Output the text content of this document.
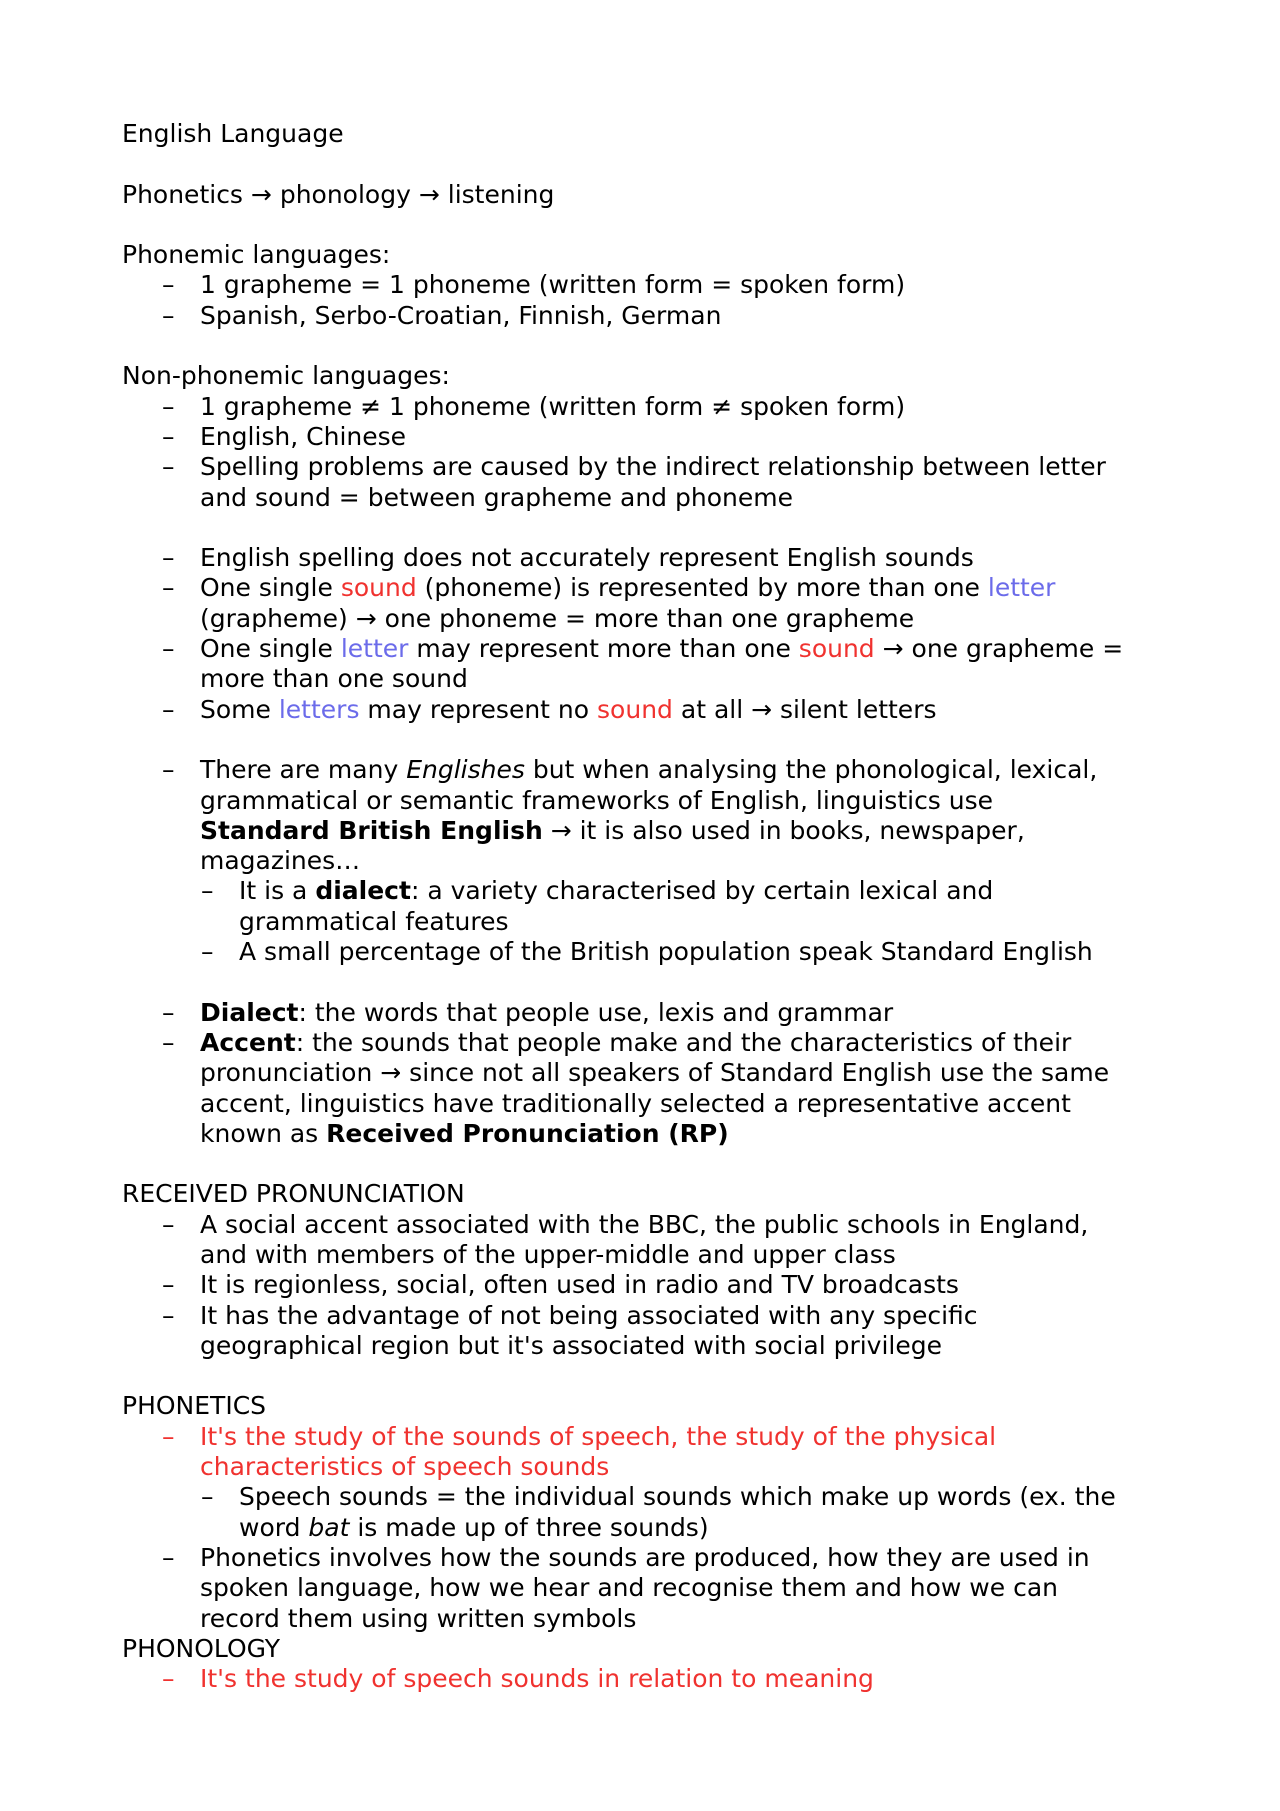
English Language
Phonetics → phonology → listening
Phonemic languages:
– 1 grapheme = 1 phoneme (written form = spoken form)
– Spanish, Serbo-Croatian, Finnish, German
Non-phonemic languages:
– 1 grapheme ≠ 1 phoneme (written form ≠ spoken form)
– English, Chinese
– Spelling problems are caused by the indirect relationship between letter
and sound = between grapheme and phoneme
– English spelling does not accurately represent English sounds
– One single sound (phoneme) is represented by more than one letter
(grapheme) → one phoneme = more than one grapheme
– One single letter may represent more than one sound → one grapheme =
more than one sound
– Some letters may represent no sound at all → silent letters
– There are many Englishes but when analysing the phonological, lexical,
grammatical or semantic frameworks of English, linguistics use
Standard British English → it is also used in books, newspaper,
magazines…
– It is a dialect: a variety characterised by certain lexical and
grammatical features
– A small percentage of the British population speak Standard English
– Dialect: the words that people use, lexis and grammar
– Accent: the sounds that people make and the characteristics of their
pronunciation → since not all speakers of Standard English use the same
accent, linguistics have traditionally selected a representative accent
known as Received Pronunciation (RP)
RECEIVED PRONUNCIATION
– A social accent associated with the BBC, the public schools in England,
and with members of the upper-middle and upper class
– It is regionless, social, often used in radio and TV broadcasts
– It has the advantage of not being associated with any specific
geographical region but it's associated with social privilege
PHONETICS
– It's the study of the sounds of speech, the study of the physical
characteristics of speech sounds
– Speech sounds = the individual sounds which make up words (ex. the
word bat is made up of three sounds)
– Phonetics involves how the sounds are produced, how they are used in
spoken language, how we hear and recognise them and how we can
record them using written symbols
PHONOLOGY
– It's the study of speech sounds in relation to meaning
